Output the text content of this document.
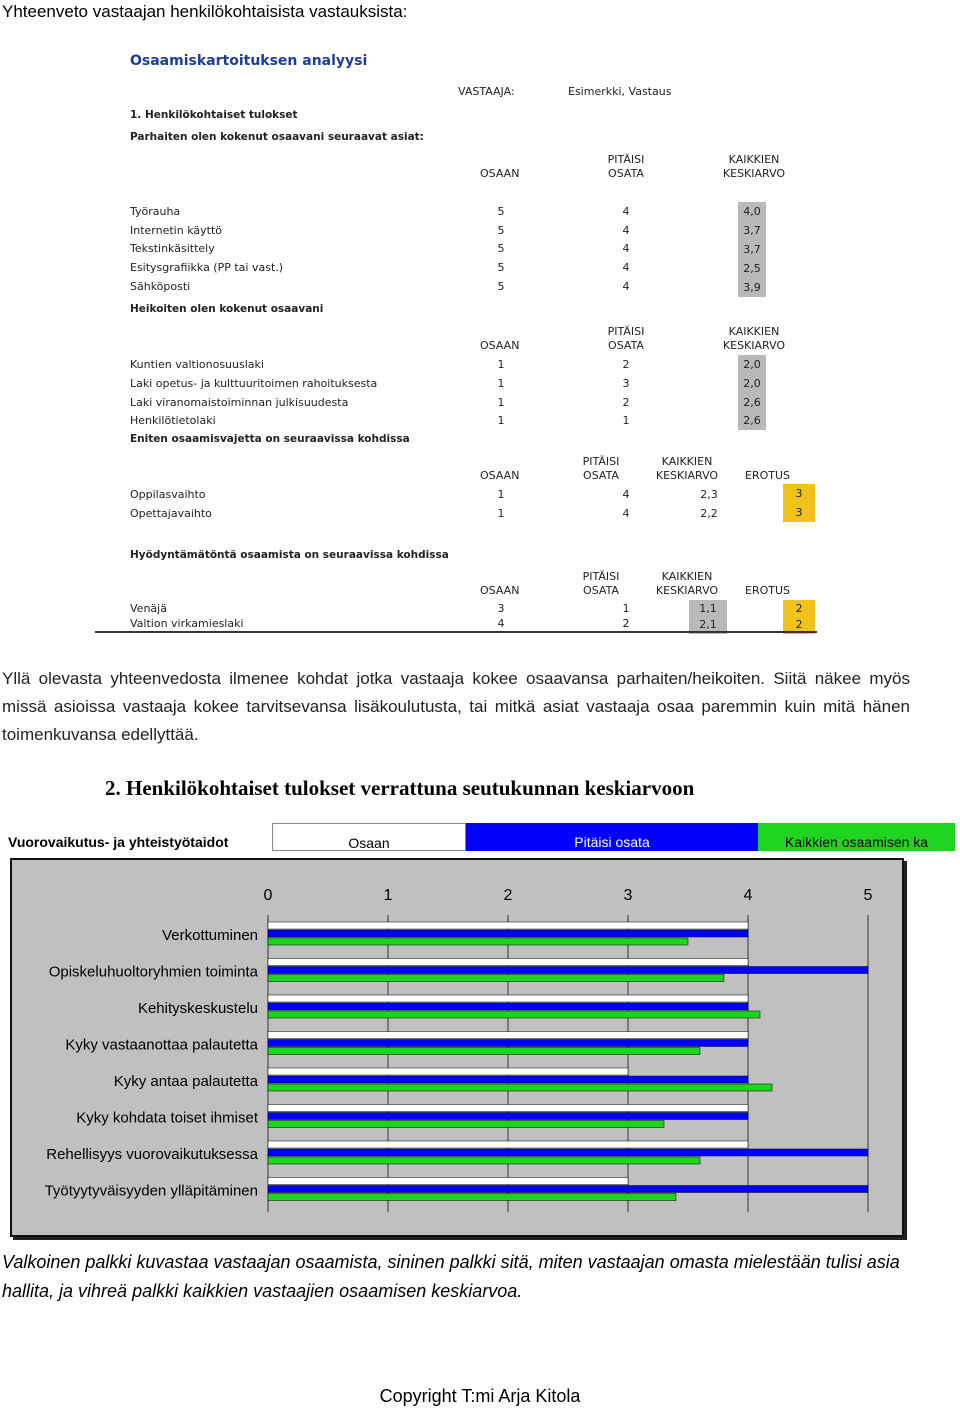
Yhteenveto vastaajan henkilökohtaisista vastauksista:
Osaamiskartoituksen analyysi
1. Henkilökohtaiset tulokset
VASTAAJA:	Esimerkki, Vastaus
Parhaiten olen kokenut osaavani seuraavat asiat:
OSAAN
PITÄISI OSATA
KAIKKIEN KESKIARVO
Työrauha	5	4	4,0
Internetin käyttö	5	4	3,7
Tekstinkäsittely	5	4	3,7
Esitysgrafiikka (PP tai vast.)	5	4	2,5
Sähköposti	5	4	3,9
Heikoiten olen kokenut osaavani
OSAAN
PITÄISI OSATA
KAIKKIEN KESKIARVO
Kuntien valtionosuuslaki	1	2	2,0
Laki opetus- ja kulttuuritoimen rahoituksesta	1	3	2,0
Laki viranomaistoiminnan julkisuudesta	1	2	2,6
Henkilötietolaki	1	1	2,6
Eniten osaamisvajetta on seuraavissa kohdissa
OSAAN
PITÄISI OSATA
KAIKKIEN KESKIARVO	EROTUS
Oppilasvaihto	1	4	2,3	3
Opettajavaihto	1	4	2,2	3
Hyödyntämätöntä osaamista on seuraavissa kohdissa
OSAAN
PITÄISI OSATA
KAIKKIEN KESKIARVO	EROTUS
Venäjä	3	1	1,1	2
Valtion virkamieslaki	4	2	2,1	2
Yllä olevasta yhteenvedosta ilmenee kohdat jotka vastaaja kokee osaavansa parhaiten/heikoiten. Siitä näkee myös missä asioissa vastaaja kokee tarvitsevansa lisäkoulutusta, tai mitkä asiat vastaaja osaa paremmin kuin mitä hänen toimenkuvansa edellyttää.
2. Henkilökohtaiset tulokset verrattuna seutukunnan keskiarvoon
Vuorovaikutus- ja yhteistyötaidot	Osaan	Pitäisi osata	Kaikkien osaamisen ka
0	1	2	3	4	5
Verkottuminen
Opiskeluhuoltoryhmien toiminta
Kehityskeskustelu
Kyky vastaanottaa palautetta
Kyky antaa palautetta
Kyky kohdata toiset ihmiset
Rehellisyys vuorovaikutuksessa
Työtyytyväisyyden ylläpitäminen
Valkoinen palkki kuvastaa vastaajan osaamista, sininen palkki sitä, miten vastaajan omasta mielestään tulisi asia hallita, ja vihreä palkki kaikkien vastaajien osaamisen keskiarvoa.
Copyright T:mi Arja Kitola
